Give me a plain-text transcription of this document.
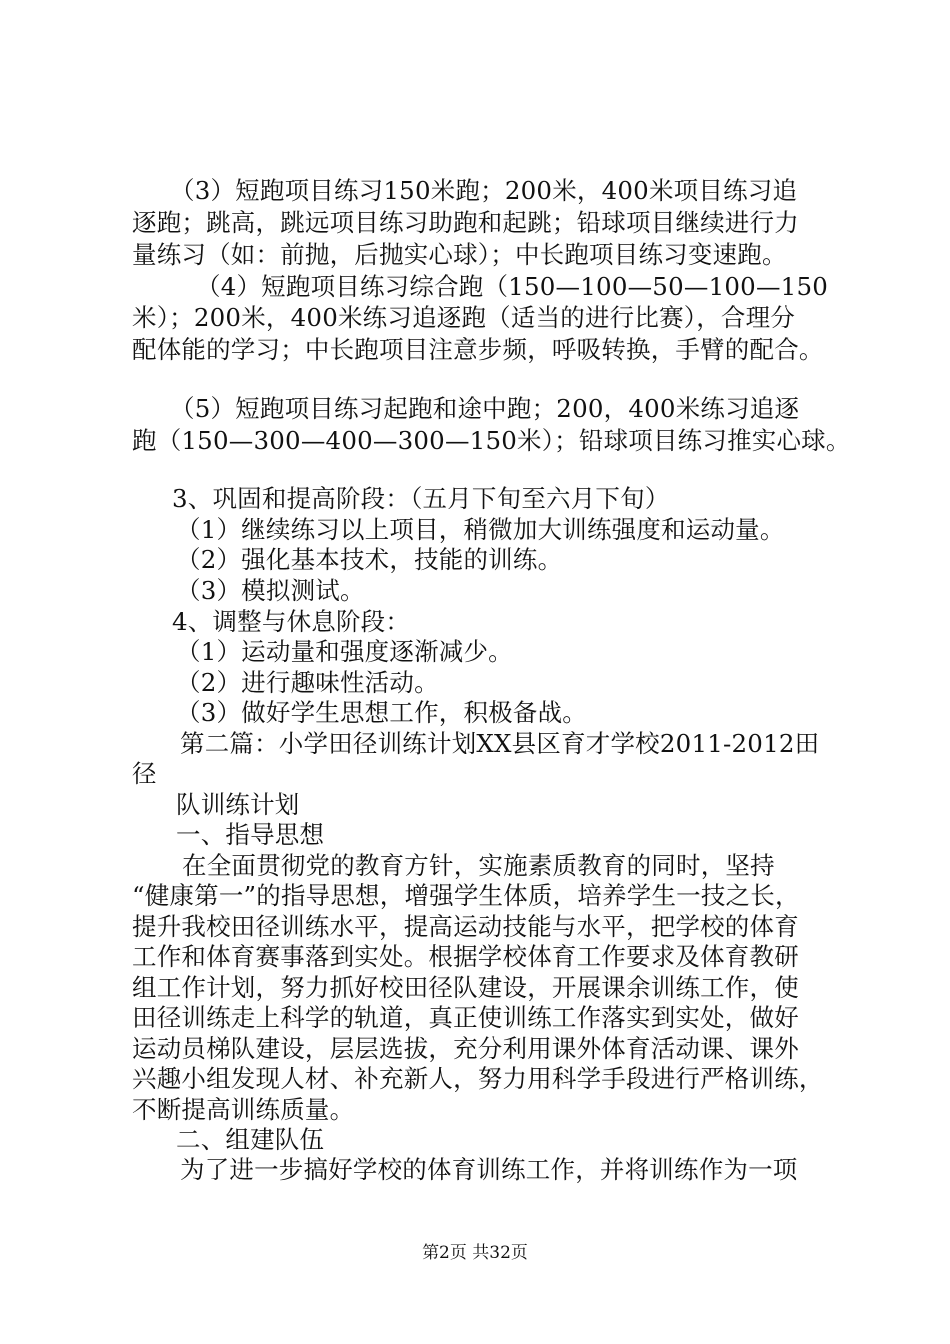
（3）短跑项目练习150米跑；200米，400米项目练习追
逐跑；跳高，跳远项目练习助跑和起跳；铅球项目继续进行力
量练习（如：前抛，后抛实心球）；中长跑项目练习变速跑。
（4）短跑项目练习综合跑（150—100—50—100—150
米）；200米，400米练习追逐跑（适当的进行比赛），合理分
配体能的学习；中长跑项目注意步频，呼吸转换，手臂的配合。
（5）短跑项目练习起跑和途中跑；200，400米练习追逐
跑（150—300—400—300—150米）；铅球项目练习推实心球。
3、巩固和提高阶段：（五月下旬至六月下旬）
（1）继续练习以上项目，稍微加大训练强度和运动量。
（2）强化基本技术，技能的训练。
（3）模拟测试。
4、调整与休息阶段：
（1）运动量和强度逐渐减少。
（2）进行趣味性活动。
（3）做好学生思想工作，积极备战。
第二篇：小学田径训练计划XX县区育才学校2011-2012田
径
队训练计划
一、指导思想
在全面贯彻党的教育方针，实施素质教育的同时，坚持
“健康第一”的指导思想，增强学生体质，培养学生一技之长，
提升我校田径训练水平，提高运动技能与水平，把学校的体育
工作和体育赛事落到实处。根据学校体育工作要求及体育教研
组工作计划，努力抓好校田径队建设，开展课余训练工作，使
田径训练走上科学的轨道，真正使训练工作落实到实处，做好
运动员梯队建设，层层选拔，充分利用课外体育活动课、课外
兴趣小组发现人材、补充新人，努力用科学手段进行严格训练，
不断提高训练质量。
二、组建队伍
为了进一步搞好学校的体育训练工作，并将训练作为一项
第2页 共32页
